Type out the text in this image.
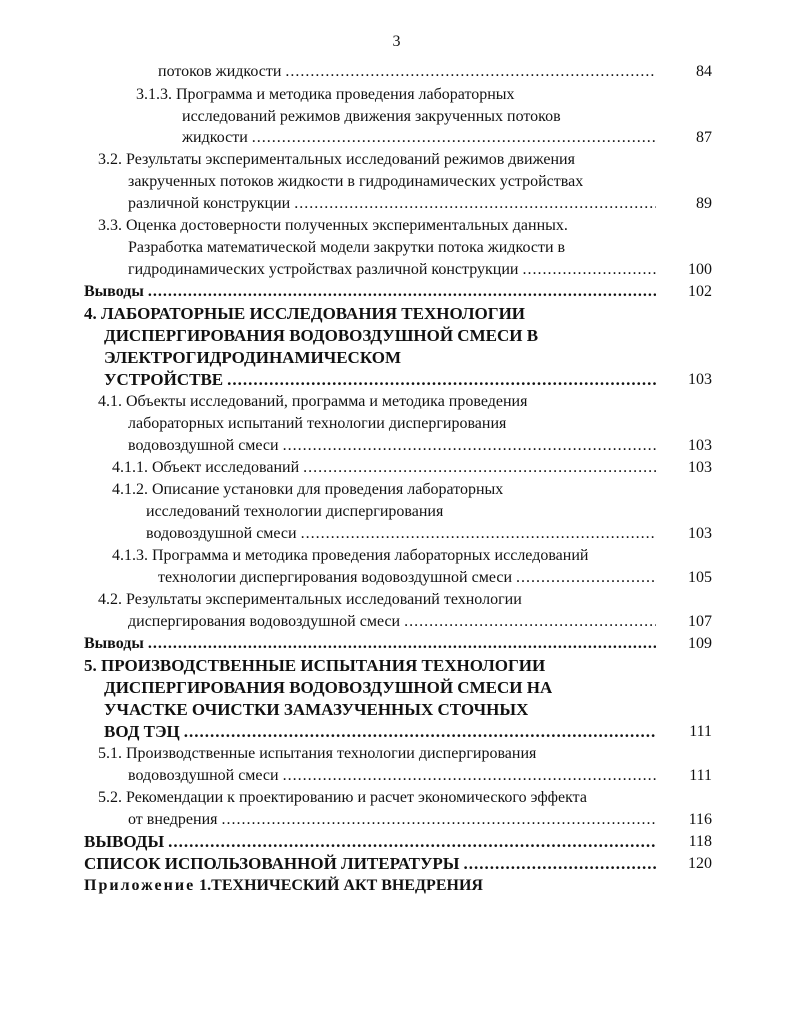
3
потоков жидкости .....	84
3.1.3. Программа и методика проведения лабораторных
исследований режимов движения закрученных потоков
жидкости .....	87
3.2. Результаты экспериментальных исследований режимов движения
закрученных потоков жидкости в гидродинамических устройствах
различной конструкции .....	89
3.3. Оценка достоверности полученных экспериментальных данных.
Разработка математической модели закрутки потока жидкости в
гидродинамических устройствах различной конструкции .....	100
Выводы .....	102
4. ЛАБОРАТОРНЫЕ ИССЛЕДОВАНИЯ ТЕХНОЛОГИИ
ДИСПЕРГИРОВАНИЯ ВОДОВОЗДУШНОЙ СМЕСИ В
ЭЛЕКТРОГИДРОДИНАМИЧЕСКОМ
УСТРОЙСТВЕ .....	103
4.1. Объекты исследований, программа и методика проведения
лабораторных испытаний технологии диспергирования
водовоздушной смеси .....	103
4.1.1. Объект исследований .....	103
4.1.2. Описание установки для проведения лабораторных
исследований технологии диспергирования
водовоздушной смеси .....	103
4.1.3. Программа и методика проведения лабораторных исследований
технологии диспергирования водовоздушной смеси .....	105
4.2. Результаты экспериментальных исследований технологии
диспергирования водовоздушной смеси .....	107
Выводы .....	109
5. ПРОИЗВОДСТВЕННЫЕ ИСПЫТАНИЯ ТЕХНОЛОГИИ
ДИСПЕРГИРОВАНИЯ ВОДОВОЗДУШНОЙ СМЕСИ НА
УЧАСТКЕ ОЧИСТКИ ЗАМАЗУЧЕННЫХ СТОЧНЫХ
ВОД ТЭЦ .....	111
5.1. Производственные испытания технологии диспергирования
водовоздушной смеси .....	111
5.2. Рекомендации к проектированию и расчет экономического эффекта
от внедрения .....	116
ВЫВОДЫ .....	118
СПИСОК ИСПОЛЬЗОВАННОЙ ЛИТЕРАТУРЫ .....	120
Приложение 1.ТЕХНИЧЕСКИЙ АКТ ВНЕДРЕНИЯ
